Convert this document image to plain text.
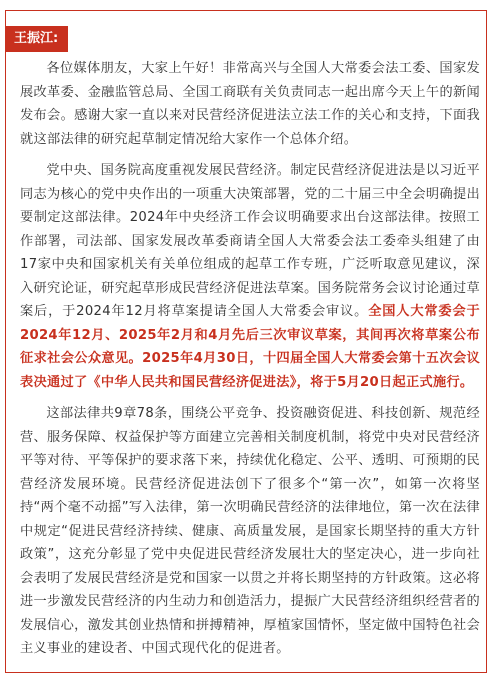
王振江:

各位媒体朋友，大家上午好！非常高兴与全国人大常委会法工委、国家发展改革委、金融监管总局、全国工商联有关负责同志一起出席今天上午的新闻发布会。感谢大家一直以来对民营经济促进法立法工作的关心和支持，下面我就这部法律的研究起草制定情况给大家作一个总体介绍。

党中央、国务院高度重视发展民营经济。制定民营经济促进法是以习近平同志为核心的党中央作出的一项重大决策部署，党的二十届三中全会明确提出要制定这部法律。2024年中央经济工作会议明确要求出台这部法律。按照工作部署，司法部、国家发展改革委商请全国人大常委会法工委牵头组建了由17家中央和国家机关有关单位组成的起草工作专班，广泛听取意见建议，深入研究论证，研究起草形成民营经济促进法草案。国务院常务会议讨论通过草案后，于2024年12月将草案提请全国人大常委会审议。全国人大常委会于2024年12月、2025年2月和4月先后三次审议草案，其间再次将草案公布征求社会公众意见。2025年4月30日，十四届全国人大常委会第十五次会议表决通过了《中华人民共和国民营经济促进法》，将于5月20日起正式施行。

这部法律共9章78条，围绕公平竞争、投资融资促进、科技创新、规范经营、服务保障、权益保护等方面建立完善相关制度机制，将党中央对民营经济平等对待、平等保护的要求落下来，持续优化稳定、公平、透明、可预期的民营经济发展环境。民营经济促进法创下了很多个“第一次”，如第一次将坚持“两个毫不动摇”写入法律，第一次明确民营经济的法律地位，第一次在法律中规定“促进民营经济持续、健康、高质量发展，是国家长期坚持的重大方针政策”，这充分彰显了党中央促进民营经济发展壮大的坚定决心，进一步向社会表明了发展民营经济是党和国家一以贯之并将长期坚持的方针政策。这必将进一步激发民营经济的内生动力和创造活力，提振广大民营经济组织经营者的发展信心，激发其创业热情和拼搏精神，厚植家国情怀，坚定做中国特色社会主义事业的建设者、中国式现代化的促进者。
